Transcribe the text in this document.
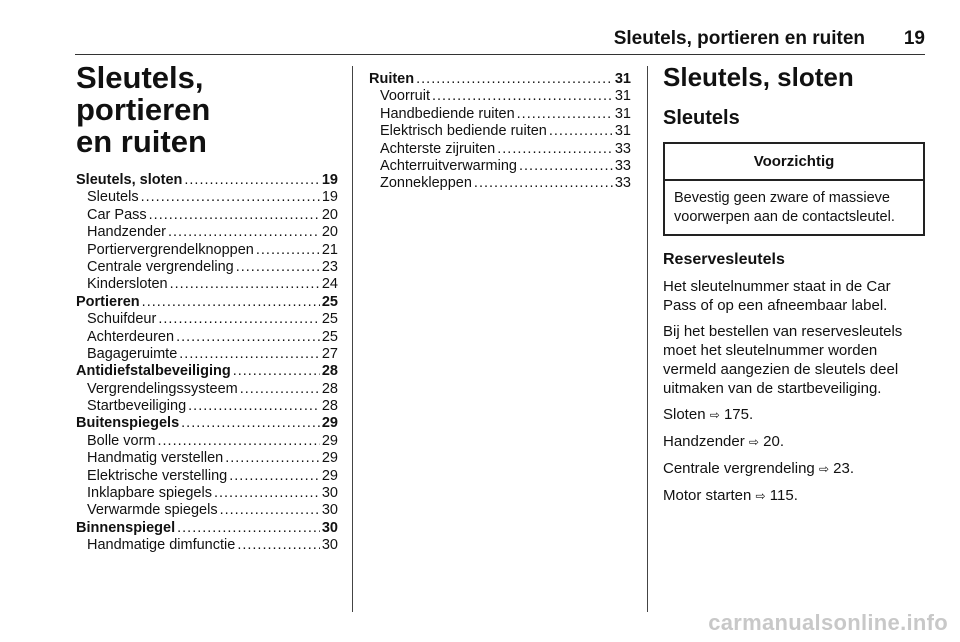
Sleutels, portieren en ruiten 19
Sleutels, portieren
en ruiten
Sleutels, sloten .....	19
Sleutels .....	19
Car Pass .....	20
Handzender .....	20
Portiervergrendelknoppen .....	21
Centrale vergrendeling .....	23
Kindersloten .....	24
Portieren .....	25
Schuifdeur .....	25
Achterdeuren .....	25
Bagageruimte .....	27
Antidiefstalbeveiliging .....	28
Vergrendelingssysteem .....	28
Startbeveiliging .....	28
Buitenspiegels .....	29
Bolle vorm .....	29
Handmatig verstellen .....	29
Elektrische verstelling .....	29
Inklapbare spiegels .....	30
Verwarmde spiegels .....	30
Binnenspiegel .....	30
Handmatige dimfunctie .....	30
Ruiten .....	31
Voorruit .....	31
Handbediende ruiten .....	31
Elektrisch bediende ruiten .....	31
Achterste zijruiten .....	33
Achterruitverwarming .....	33
Zonnekleppen .....	33
Sleutels, sloten
Sleutels
Voorzichtig
Bevestig geen zware of massieve voorwerpen aan de contactsleutel.
Reservesleutels
Het sleutelnummer staat in de Car Pass of op een afneembaar label.
Bij het bestellen van reservesleutels moet het sleutelnummer worden vermeld aangezien de sleutels deel uitmaken van de startbeveiliging.
Sloten ⇨ 175.
Handzender ⇨ 20.
Centrale vergrendeling ⇨ 23.
Motor starten ⇨ 115.
carmanualsonline.info
